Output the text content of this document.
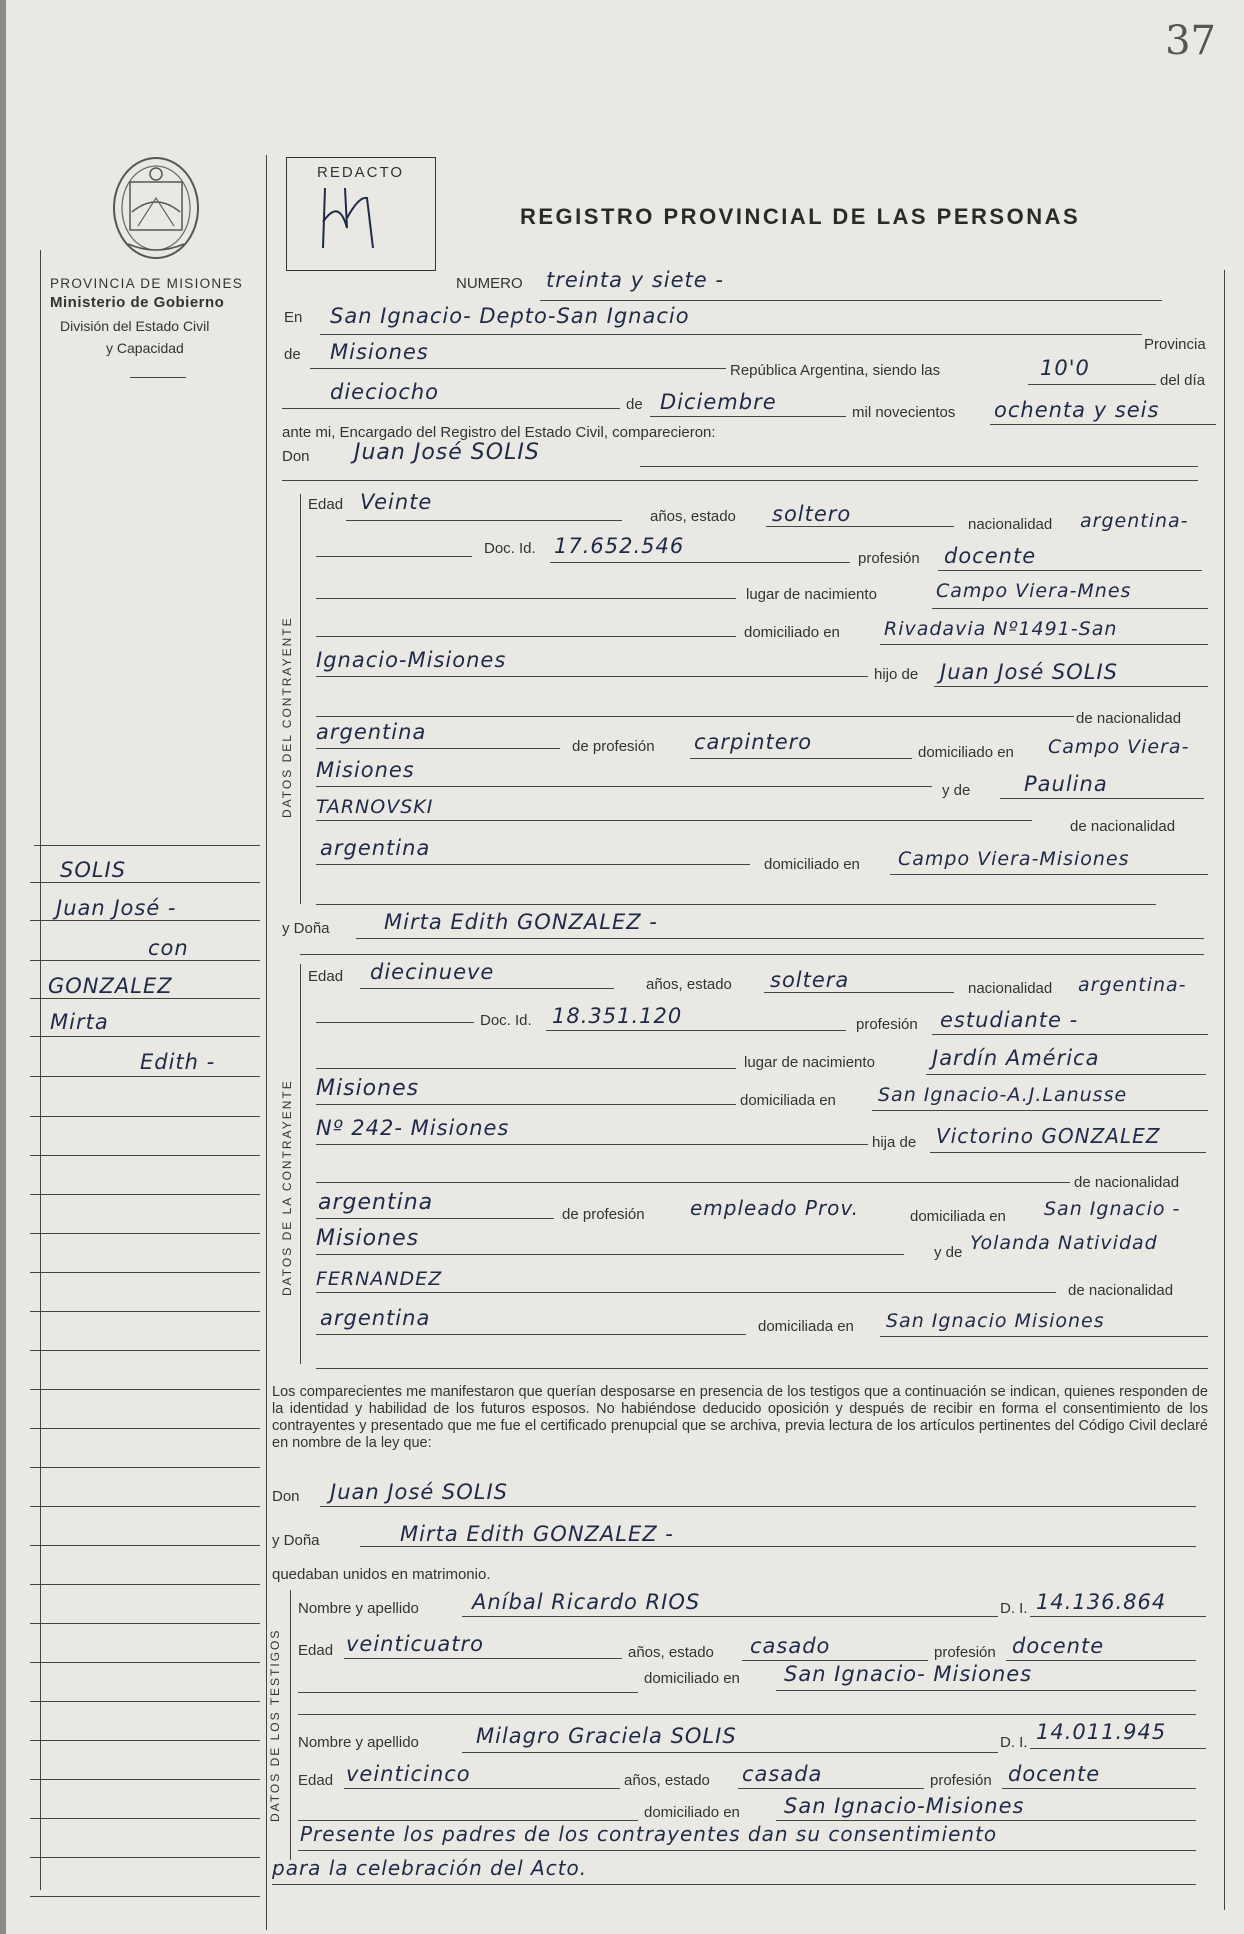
37
PROVINCIA DE MISIONES
Ministerio de Gobierno
División del Estado Civil
y Capacidad
REDACTO
REGISTRO PROVINCIAL DE LAS PERSONAS
NUMERO treinta y siete -
En San Ignacio- Depto-San Ignacio
Provincia
de Misiones
República Argentina, siendo las	10'0
del día
dieciocho
de Diciembre	mil novecientos ochenta y seis
ante mi, Encargado del Registro del Estado Civil, comparecieron:
Don Juan José SOLIS
DATOS DEL CONTRAYENTE
Edad Veinte
años, estado soltero	nacionalidad argentina-
Doc. Id. 17.652.546
profesión docente
lugar de nacimiento	Campo Viera-Mnes
domiciliado en Rivadavia Nº1491-San
Ignacio-Misiones
hijo de Juan José SOLIS
de nacionalidad
argentina
de profesión carpintero	domiciliado en Campo Viera-
Misiones
y de	Paulina
TARNOVSKI
de nacionalidad
argentina
domiciliado en Campo Viera-Misiones
y Doña	Mirta Edith GONZALEZ -
DATOS DE LA CONTRAYENTE
Edad diecinueve
años, estado soltera	nacionalidad argentina-
Doc. Id. 18.351.120	profesión estudiante -
lugar de nacimiento	Jardín América
Misiones	domiciliada en San Ignacio-A.J.Lanusse
Nº 242- Misiones
hija de Victorino GONZALEZ
de nacionalidad
argentina	de profesión empleado Prov.	domiciliada en San Ignacio -
Misiones
y de Yolanda Natividad
FERNANDEZ
de nacionalidad
argentina	domiciliada en San Ignacio Misiones
Los comparecientes me manifestaron que querían desposarse en presencia de los testigos que a continuación se indican, quienes responden de la identidad y habilidad de los futuros esposos. No habiéndose deducido oposición y después de recibir en forma el consentimiento de los contrayentes y presentado que me fue el certificado prenupcial que se archiva, previa lectura de los artículos pertinentes del Código Civil declaré en nombre de la ley que:
Don Juan José SOLIS
y Doña	Mirta Edith GONZALEZ -
quedaban unidos en matrimonio.
DATOS DE LOS TESTIGOS
Nombre y apellido	Aníbal Ricardo RIOS	D. I. 14.136.864
Edad veinticuatro	años, estado casado	profesión docente
domiciliado en San Ignacio- Misiones
Nombre y apellido	Milagro Graciela SOLIS	D. I. 14.011.945
Edad veinticinco	años, estado casada	profesión docente
domiciliado en San Ignacio-Misiones
Presente los padres de los contrayentes dan su consentimiento
para la celebración del Acto.
SOLIS
Juan José -
con
GONZALEZ
Mirta
Edith -
